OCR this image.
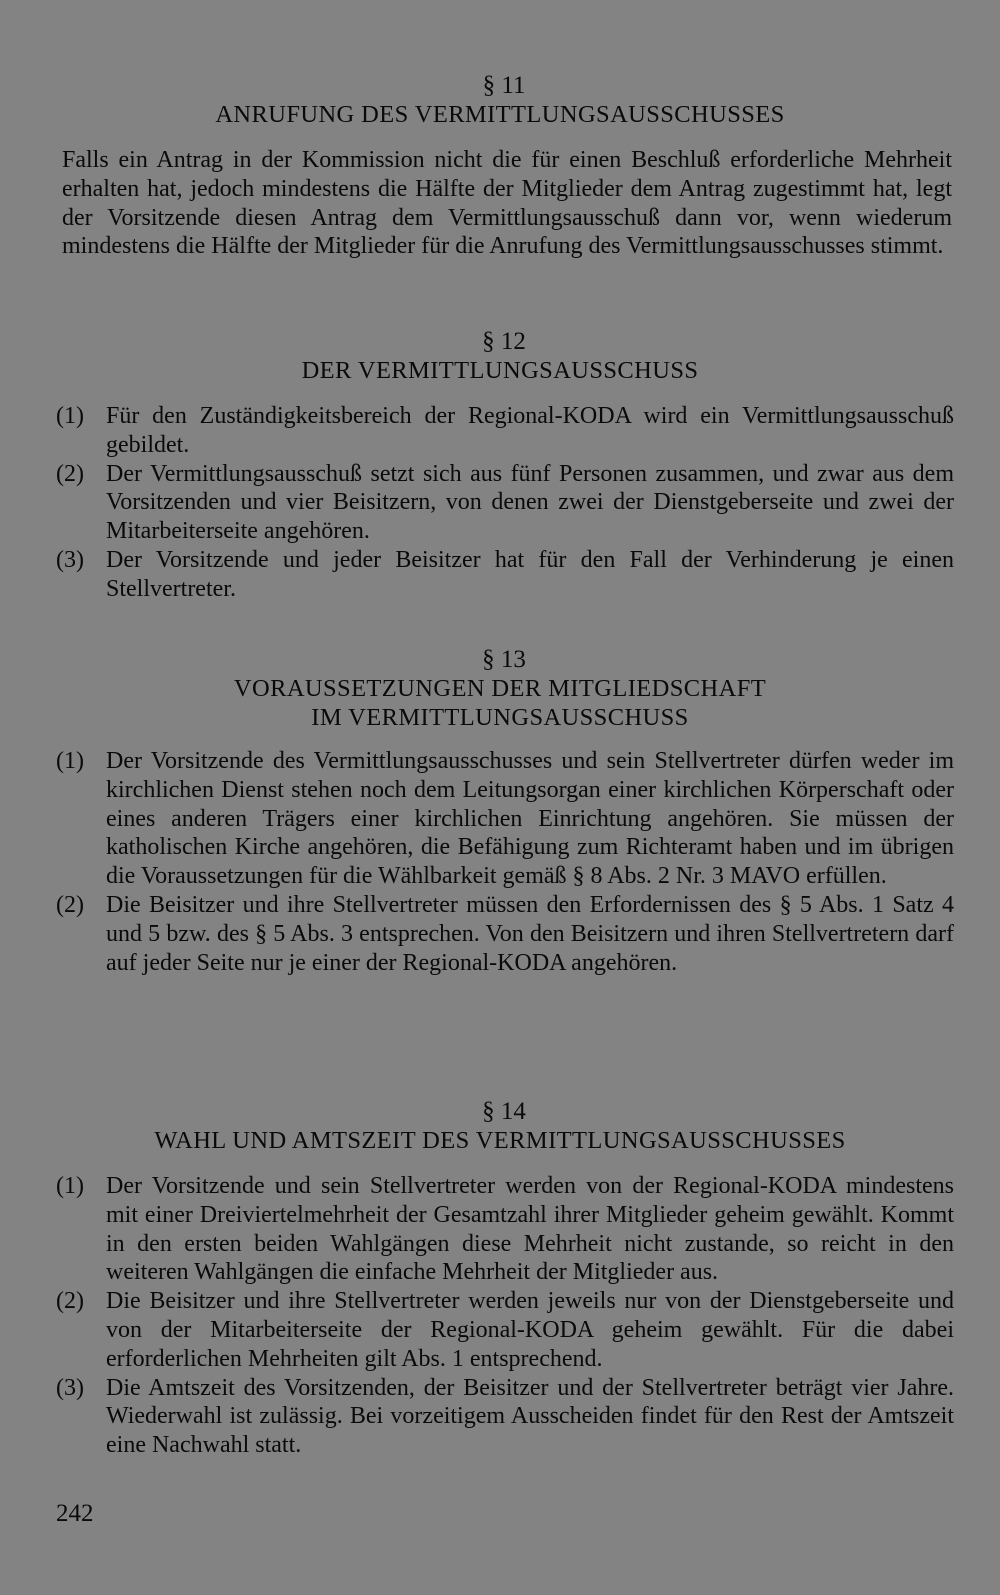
§ 11
ANRUFUNG DES VERMITTLUNGSAUSSCHUSSES
Falls ein Antrag in der Kommission nicht die für einen Beschluß erforderliche Mehrheit erhalten hat, jedoch mindestens die Hälfte der Mitglieder dem Antrag zugestimmt hat, legt der Vorsitzende diesen Antrag dem Vermittlungsausschuß dann vor, wenn wiederum mindestens die Hälfte der Mitglieder für die Anrufung des Vermittlungsausschusses stimmt.
§ 12
DER VERMITTLUNGSAUSSCHUSS
(1) Für den Zuständigkeitsbereich der Regional-KODA wird ein Vermittlungsausschuß gebildet.
(2) Der Vermittlungsausschuß setzt sich aus fünf Personen zusammen, und zwar aus dem Vorsitzenden und vier Beisitzern, von denen zwei der Dienstgeberseite und zwei der Mitarbeiterseite angehören.
(3) Der Vorsitzende und jeder Beisitzer hat für den Fall der Verhinderung je einen Stellvertreter.
§ 13
VORAUSSETZUNGEN DER MITGLIEDSCHAFT
IM VERMITTLUNGSAUSSCHUSS
(1) Der Vorsitzende des Vermittlungsausschusses und sein Stellvertreter dürfen weder im kirchlichen Dienst stehen noch dem Leitungsorgan einer kirchlichen Körperschaft oder eines anderen Trägers einer kirchlichen Einrichtung angehören. Sie müssen der katholischen Kirche angehören, die Befähigung zum Richteramt haben und im übrigen die Voraussetzungen für die Wählbarkeit gemäß § 8 Abs. 2 Nr. 3 MAVO erfüllen.
(2) Die Beisitzer und ihre Stellvertreter müssen den Erfordernissen des § 5 Abs. 1 Satz 4 und 5 bzw. des § 5 Abs. 3 entsprechen. Von den Beisitzern und ihren Stellvertretern darf auf jeder Seite nur je einer der Regional-KODA angehören.
§ 14
WAHL UND AMTSZEIT DES VERMITTLUNGSAUSSCHUSSES
(1) Der Vorsitzende und sein Stellvertreter werden von der Regional-KODA mindestens mit einer Dreiviertelmehrheit der Gesamtzahl ihrer Mitglieder geheim gewählt. Kommt in den ersten beiden Wahlgängen diese Mehrheit nicht zustande, so reicht in den weiteren Wahlgängen die einfache Mehrheit der Mitglieder aus.
(2) Die Beisitzer und ihre Stellvertreter werden jeweils nur von der Dienstgeberseite und von der Mitarbeiterseite der Regional-KODA geheim gewählt. Für die dabei erforderlichen Mehrheiten gilt Abs. 1 entsprechend.
(3) Die Amtszeit des Vorsitzenden, der Beisitzer und der Stellvertreter beträgt vier Jahre. Wiederwahl ist zulässig. Bei vorzeitigem Ausscheiden findet für den Rest der Amtszeit eine Nachwahl statt.
242
